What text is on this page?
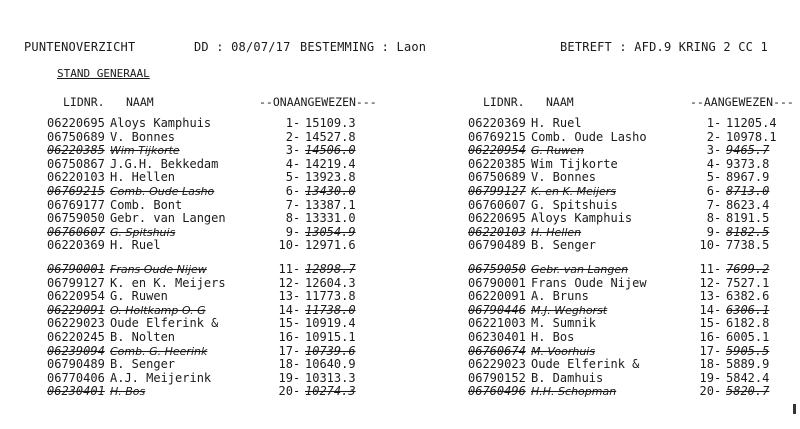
PUNTENOVERZICHT	DD : 08/07/17 BESTEMMING : Laon	BETREFT : AFD.9 KRING 2 CC 1
STAND GENERAAL
LIDNR. NAAM	--ONAANGEWEZEN---	LIDNR. NAAM	--AANGEWEZEN---
06220695 Aloys Kamphuis	1 15109.3
-
06750689 V. Bonnes	2 14527.8
-
06220385 Wim Tijkorte	3 14506.0
-
06750867 J.G.H. Bekkedam	4 14219.4
-
06220103 H. Hellen	5 13923.8
-
06769215 Comb. Oude Lasho	6 13430.0
-
06769177 Comb. Bont	7 13387.1
-
06759050 Gebr. van Langen	8 13331.0
-
06760607 G. Spitshuis	9 13054.9
-
06220369 H. Ruel	10 12971.6
-
06790001 Frans Oude Nijew	11 12898.7
-
06799127 K. en K. Meijers	12 12604.3
-
06220954 G. Ruwen	13 11773.8
-
06229091 O. Holtkamp O. G	14 11738.0
-
06229023 Oude Elferink &	15 10919.4
-
06220245 B. Nolten	16 10915.1
-
06239094 Comb. G. Heerink	17 10739.6
-
06790489 B. Senger	18 10640.9
-
06770406 A.J. Meijerink	19 10313.3
-
06230401 H. Bos	20 10274.3
-
06220369 H. Ruel	1 11205.4
-
06769215 Comb. Oude Lasho	2 10978.1
-
06220954 G. Ruwen	3 9465.7
-
06220385 Wim Tijkorte	4 9373.8
-
06750689 V. Bonnes	5 8967.9
-
06799127 K. en K. Meijers	6 8713.0
-
06760607 G. Spitshuis	7 8623.4
-
06220695 Aloys Kamphuis	8 8191.5
-
06220103 H. Hellen	9 8182.5
-
06790489 B. Senger	10 7738.5
-
06759050 Gebr. van Langen	11 7699.2
-
06790001 Frans Oude Nijew	12 7527.1
-
06220091 A. Bruns	13 6382.6
-
06790446 M.J. Weghorst	14 6306.1
-
06221003 M. Sumnik	15 6182.8
-
06230401 H. Bos	16 6005.1
-
06760674 M. Voorhuis	17 5905.5
-
06229023 Oude Elferink &	18 5889.9
-
06790152 B. Damhuis	19 5842.4
-
06760496 H.H. Schopman	20 5820.7
-
